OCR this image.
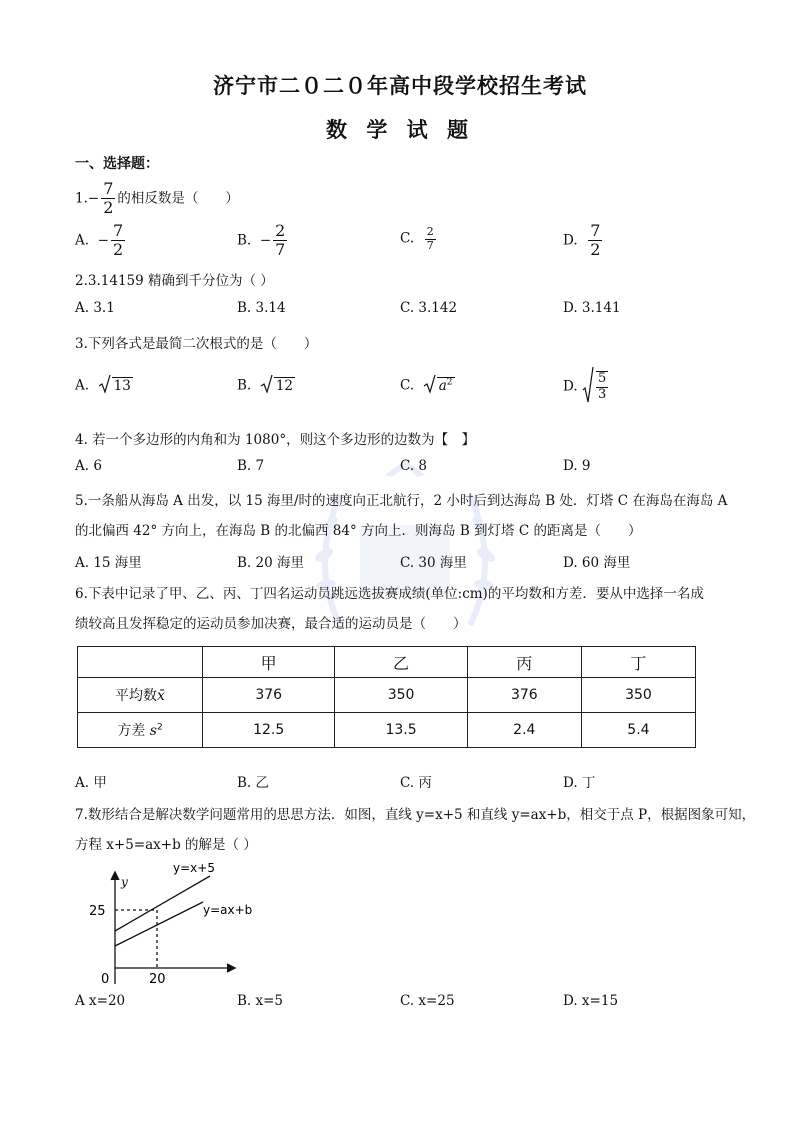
济宁市二０二０年高中段学校招生考试
数 学 试 题
一、选择题：
$1.- \frac{7}{2}$ 的相反数是（　　）
A. − $\frac{7}{2}$	B. − $\frac{2}{7}$	C. $\frac{2}{7}$	D. $\frac{7}{2}$
2.3.14159 精确到千分位为（ ）
A. 3.1	B. 3.14	C. 3.142	D. 3.141
3.下列各式是最简二次根式的是（　　）
A. 13	B. 12	C. $a^2$	D. $\frac{5}{3}$
4. 若一个多边形的内角和为 1080°，则这个多边形的边数为【　】
A. 6	B. 7	C. 8	D. 9
5.一条船从海岛 A 出发，以 15 海里/时的速度向正北航行，2 小时后到达海岛 B 处．灯塔 C 在海岛在海岛 A
的北偏西 42° 方向上，在海岛 B 的北偏西 84° 方向上．则海岛 B 到灯塔 C 的距离是（　　）
A. 15 海里	B. 20 海里	C. 30 海里	D. 60 海里
6.下表中记录了甲、乙、丙、丁四名运动员跳远选拔赛成绩(单位:cm)的平均数和方差．要从中选择一名成
绩较高且发挥稳定的运动员参加决赛，最合适的运动员是（　　）
	甲	乙	丙	丁
平均数x̄	376	350	376	350
方差 $s^2$	12.5	13.5	2.4	5.4
A. 甲	B. 乙	C. 丙	D. 丁
7.数形结合是解决数学问题常用的思思方法．如图，直线 y=x+5 和直线 y=ax+b，相交于点 P，根据图象可知，
方程 x+5=ax+b 的解是（ ）
y=x+5
y=ax+b
y
25
20
0
A x=20	B. x=5	C. x=25	D. x=15
